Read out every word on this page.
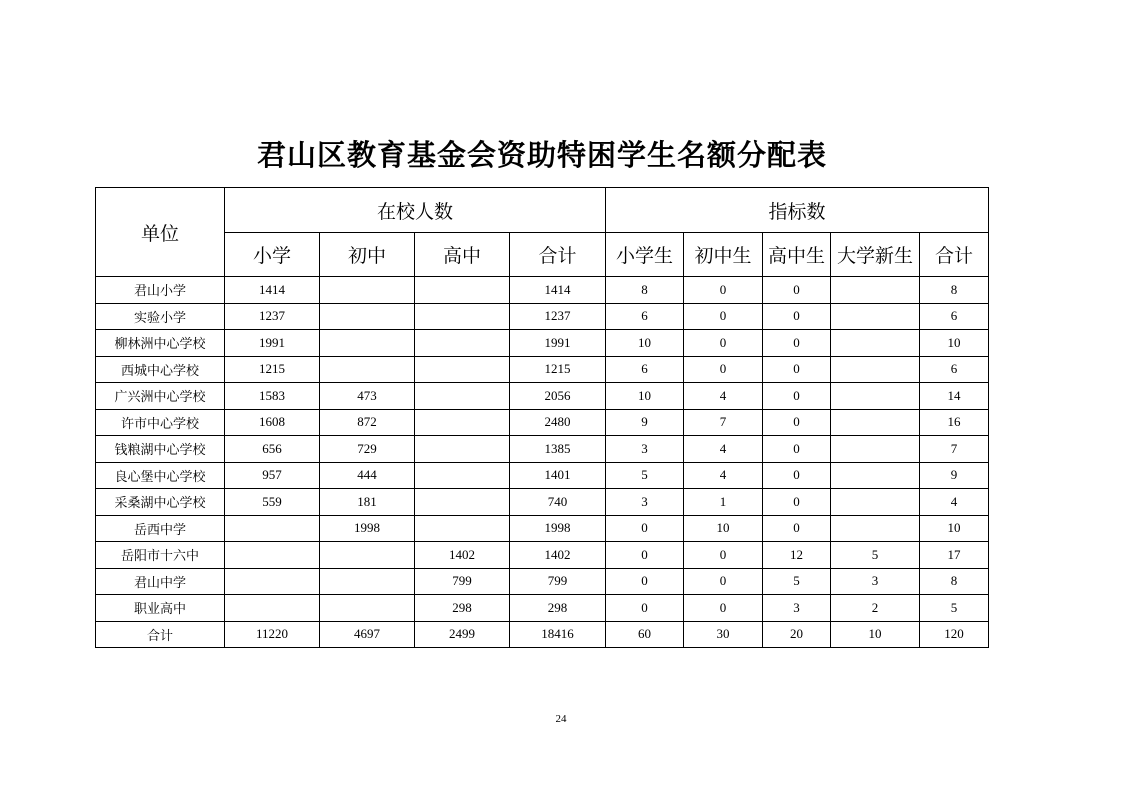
君山区教育基金会资助特困学生名额分配表
单位	在校人数				指标数				
	小学	初中	高中	合计	小学生	初中生	高中生	大学新生	合计
君山小学	1414			1414	8	0	0		8
实验小学	1237			1237	6	0	0		6
柳林洲中心学校	1991			1991	10	0	0		10
西城中心学校	1215			1215	6	0	0		6
广兴洲中心学校	1583	473		2056	10	4	0		14
许市中心学校	1608	872		2480	9	7	0		16
钱粮湖中心学校	656	729		1385	3	4	0		7
良心堡中心学校	957	444		1401	5	4	0		9
采桑湖中心学校	559	181		740	3	1	0		4
岳西中学		1998		1998	0	10	0		10
岳阳市十六中			1402	1402	0	0	12	5	17
君山中学			799	799	0	0	5	3	8
职业高中			298	298	0	0	3	2	5
合计	11220	4697	2499	18416	60	30	20	10	120
24
